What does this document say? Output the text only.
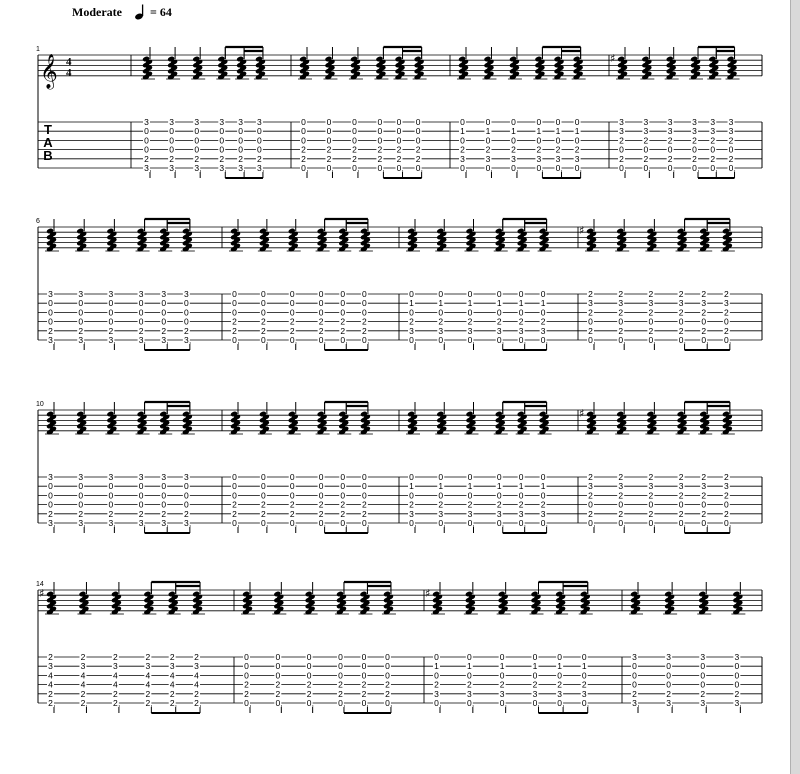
Moderate = 64
1
𝄞 4
4
T
A
B
3
0
0
0
2
3
3
0
0
0
2
3
3
0
0
0
2
3
3
0
0
0
2
3
3
0
0
0
2
3
3
0
0
0
2
3
0
0
0
2
2
0
0
0
0
2
2
0
0
0
0
2
2
0
0
0
0
2
2
0
0
0
0
2
2
0
0
0
0
2
2
0
0
1
0
2
3
0
0
1
0
2
3
0
0
1
0
2
3
0
0
1
0
2
3
0
0
1
0
2
3
0
0
1
0
2
3
0
3
3
2
0
2
0
♯
3
3
2
0
2
0
3
3
2
0
2
0
3
3
2
0
2
0
3
3
2
0
2
0
3
3
2
0
2
0
6
3
0
0
0
2
3
3
0
0
0
2
3
3
0
0
0
2
3
3
0
0
0
2
3
3
0
0
0
2
3
3
0
0
0
2
3
0
0
0
2
2
0
0
0
0
2
2
0
0
0
0
2
2
0
0
0
0
2
2
0
0
0
0
2
2
0
0
0
0
2
2
0
0
1
0
2
3
0
0
1
0
2
3
0
0
1
0
2
3
0
0
1
0
2
3
0
0
1
0
2
3
0
0
1
0
2
3
0
2
3
2
0
2
0
♯
2
3
2
0
2
0
2
3
2
0
2
0
2
3
2
0
2
0
2
3
2
0
2
0
2
3
2
0
2
0
10
3
0
0
0
2
3
3
0
0
0
2
3
3
0
0
0
2
3
3
0
0
0
2
3
3
0
0
0
2
3
3
0
0
0
2
3
0
0
0
2
2
0
0
0
0
2
2
0
0
0
0
2
2
0
0
0
0
2
2
0
0
0
0
2
2
0
0
0
0
2
2
0
0
1
0
2
3
0
0
1
0
2
3
0
0
1
0
2
3
0
0
1
0
2
3
0
0
1
0
2
3
0
0
1
0
2
3
0
2
3
2
0
2
0
♯
2
3
2
0
2
0
2
3
2
0
2
0
2
3
2
0
2
0
2
3
2
0
2
0
2
3
2
0
2
0
14
2
3
4
4
2
2
♯
2
3
4
4
2
2
2
3
4
4
2
2
2
3
4
4
2
2
2
3
4
4
2
2
2
3
4
4
2
2
0
0
0
2
2
0
0
0
0
2
2
0
0
0
0
2
2
0
0
0
0
2
2
0
0
0
0
2
2
0
0
0
0
2
2
0
0
1
0
2
3
0
♯
0
1
0
2
3
0
0
1
0
2
3
0
0
1
0
2
3
0
0
1
0
2
3
0
0
1
0
2
3
0
3
0
0
0
2
3
3
0
0
0
2
3
3
0
0
0
2
3
3
0
0
0
2
3
